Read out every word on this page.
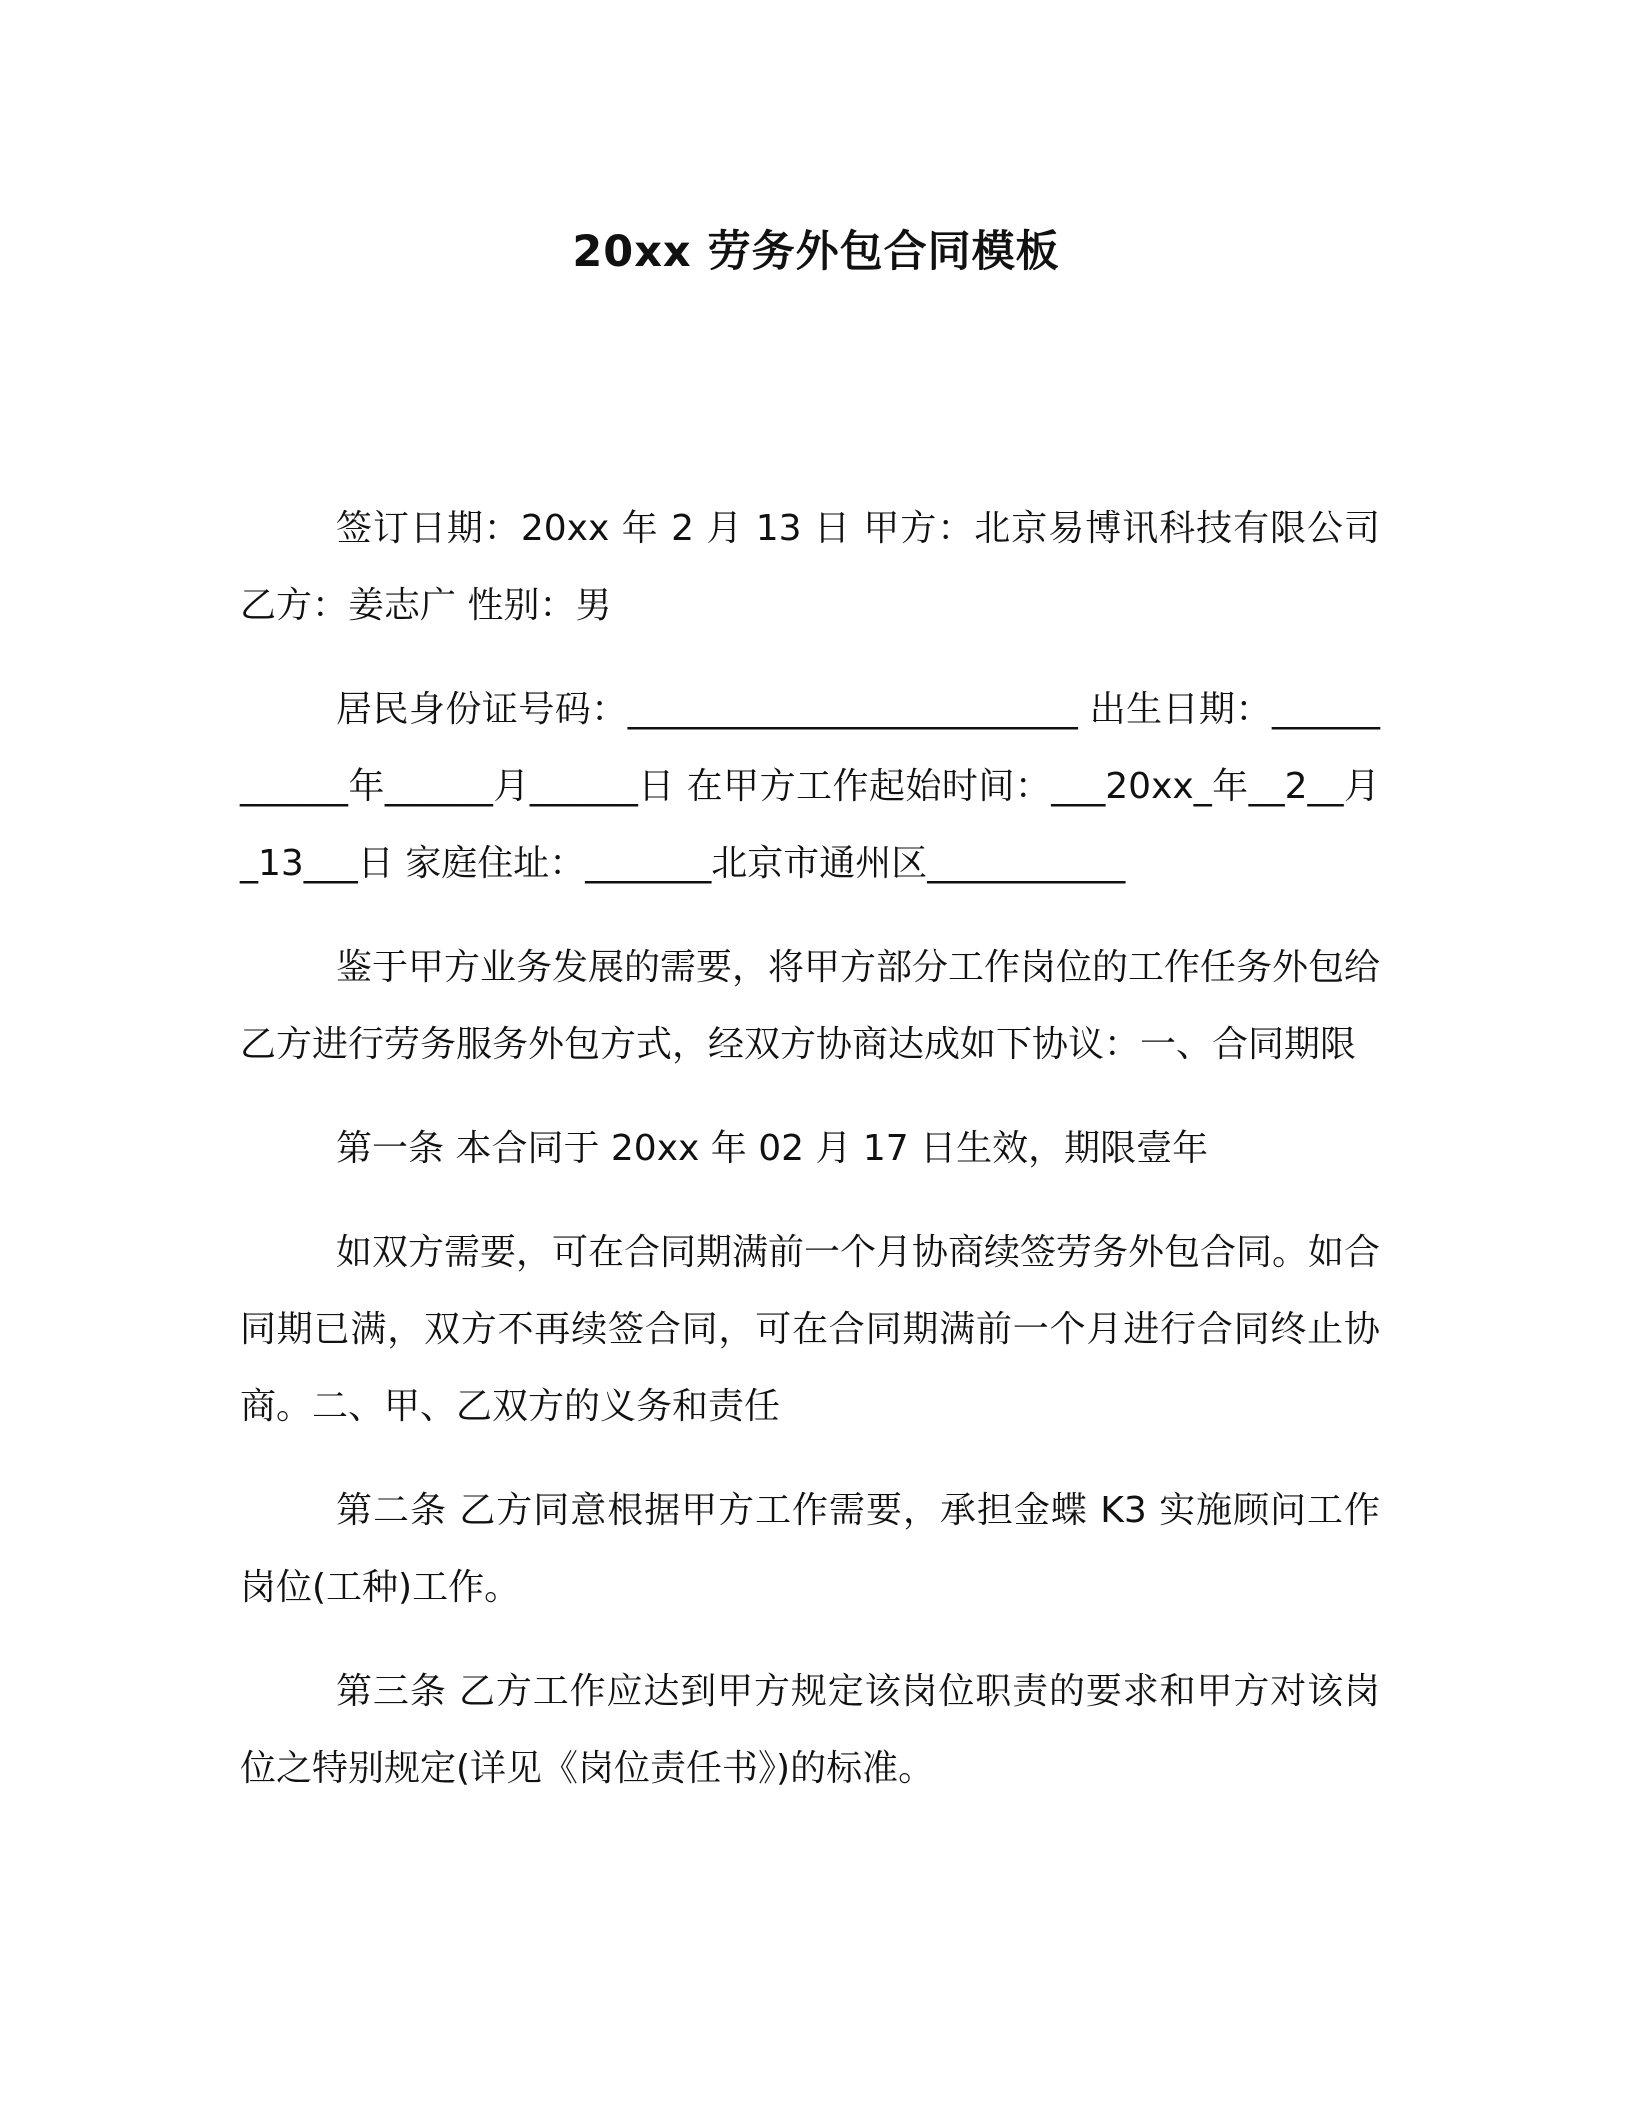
20xx 劳务外包合同模板

签订日期：20xx 年 2 月 13 日 甲方：北京易博讯科技有限公司 乙方：姜志广 性别：男

居民身份证号码：_________________________ 出生日期：____________年______月______日 在甲方工作起始时间：___20xx_年__2__月_13___日 家庭住址：_______北京市通州区___________

鉴于甲方业务发展的需要，将甲方部分工作岗位的工作任务外包给乙方进行劳务服务外包方式，经双方协商达成如下协议：一、合同期限

第一条 本合同于 20xx 年 02 月 17 日生效，期限壹年

如双方需要，可在合同期满前一个月协商续签劳务外包合同。如合同期已满，双方不再续签合同，可在合同期满前一个月进行合同终止协商。二、甲、乙双方的义务和责任

第二条 乙方同意根据甲方工作需要，承担金蝶 K3 实施顾问工作岗位(工种)工作。

第三条 乙方工作应达到甲方规定该岗位职责的要求和甲方对该岗位之特别规定(详见《岗位责任书》)的标准。
